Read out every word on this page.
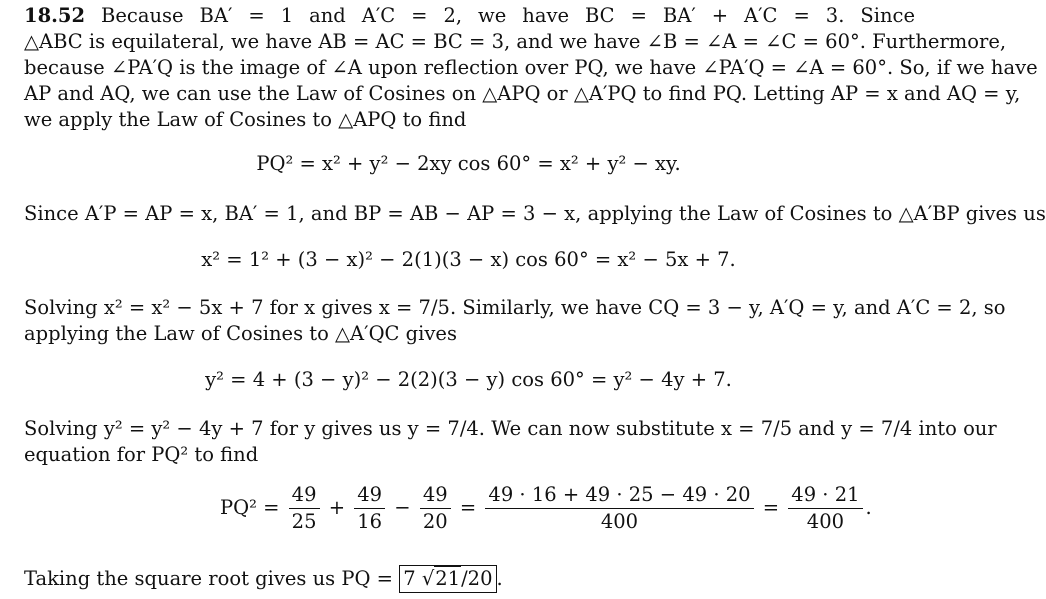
18.52 Because BA′ = 1 and A′C = 2, we have BC = BA′ + A′C = 3. Since
△ABC is equilateral, we have AB = AC = BC = 3, and we have ∠B = ∠A = ∠C = 60°. Furthermore,
because ∠PA′Q is the image of ∠A upon reflection over PQ, we have ∠PA′Q = ∠A = 60°. So, if we have
AP and AQ, we can use the Law of Cosines on △APQ or △A′PQ to find PQ. Letting AP = x and AQ = y,
we apply the Law of Cosines to △APQ to find
PQ² = x² + y² − 2xy cos 60° = x² + y² − xy.
Since A′P = AP = x, BA′ = 1, and BP = AB − AP = 3 − x, applying the Law of Cosines to △A′BP gives us
x² = 1² + (3 − x)² − 2(1)(3 − x) cos 60° = x² − 5x + 7.
Solving x² = x² − 5x + 7 for x gives x = 7/5. Similarly, we have CQ = 3 − y, A′Q = y, and A′C = 2, so
applying the Law of Cosines to △A′QC gives
y² = 4 + (3 − y)² − 2(2)(3 − y) cos 60° = y² − 4y + 7.
Solving y² = y² − 4y + 7 for y gives us y = 7/4. We can now substitute x = 7/5 and y = 7/4 into our
equation for PQ² to find
$PQ^2 = \frac{49}{25} + \frac{49}{16} - \frac{49}{20} = \frac{49 \cdot 16 + 49 \cdot 25 - 49 \cdot 20}{400} = \frac{49 \cdot 21}{400}$ .
Taking the square root gives us PQ = 7 √21/20 .
